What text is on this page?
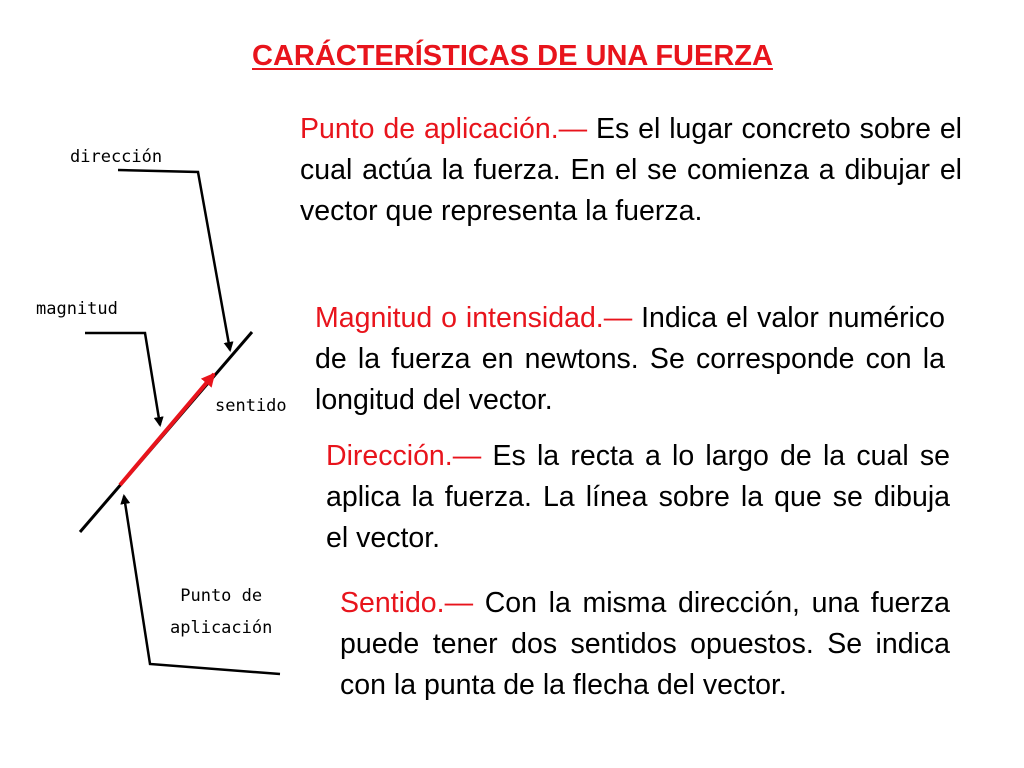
CARÁCTERÍSTICAS DE UNA FUERZA
Punto de aplicación.— Es el lugar concreto sobre el cual actúa la fuerza. En el se comienza a dibujar el vector que representa la fuerza.
Magnitud o intensidad.— Indica el valor numérico de la fuerza en newtons. Se corresponde con la longitud del vector.
Dirección.— Es la recta a lo largo de la cual se aplica la fuerza. La línea sobre la que se dibuja el vector.
Sentido.— Con la misma dirección, una fuerza puede tener dos sentidos opuestos. Se indica con la punta de la flecha del vector.
dirección
magnitud
sentido
Punto de
aplicación
